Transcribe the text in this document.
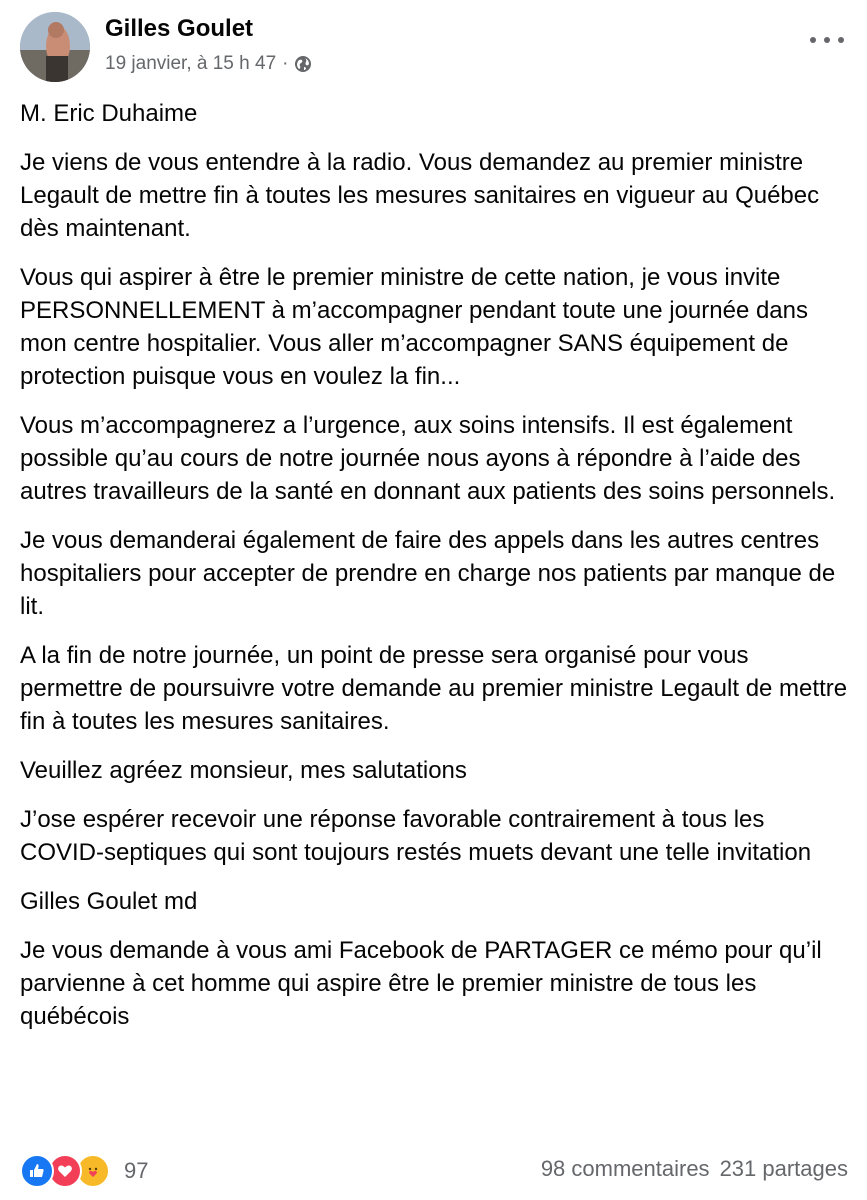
Gilles Goulet
19 janvier, à 15 h 47 ·

M. Eric Duhaime

Je viens de vous entendre à la radio. Vous demandez au premier ministre Legault de mettre fin à toutes les mesures sanitaires en vigueur au Québec dès maintenant.

Vous qui aspirer à être le premier ministre de cette nation, je vous invite PERSONNELLEMENT à m’accompagner pendant toute une journée dans mon centre hospitalier. Vous aller m’accompagner SANS équipement de protection puisque vous en voulez la fin...

Vous m’accompagnerez a l’urgence, aux soins intensifs. Il est également possible qu’au cours de notre journée nous ayons à répondre à l’aide des autres travailleurs de la santé en donnant aux patients des soins personnels.

Je vous demanderai également de faire des appels dans les autres centres hospitaliers pour accepter de prendre en charge nos patients par manque de lit.

A la fin de notre journée, un point de presse sera organisé pour vous permettre de poursuivre votre demande au premier ministre Legault de mettre fin à toutes les mesures sanitaires.

Veuillez agréez monsieur, mes salutations

J’ose espérer recevoir une réponse favorable contrairement à tous les COVID-septiques qui sont toujours restés muets devant une telle invitation

Gilles Goulet md

Je vous demande à vous ami Facebook de PARTAGER ce mémo pour qu’il parvienne à cet homme qui aspire être le premier ministre de tous les québécois

97	98 commentaires 231 partages
